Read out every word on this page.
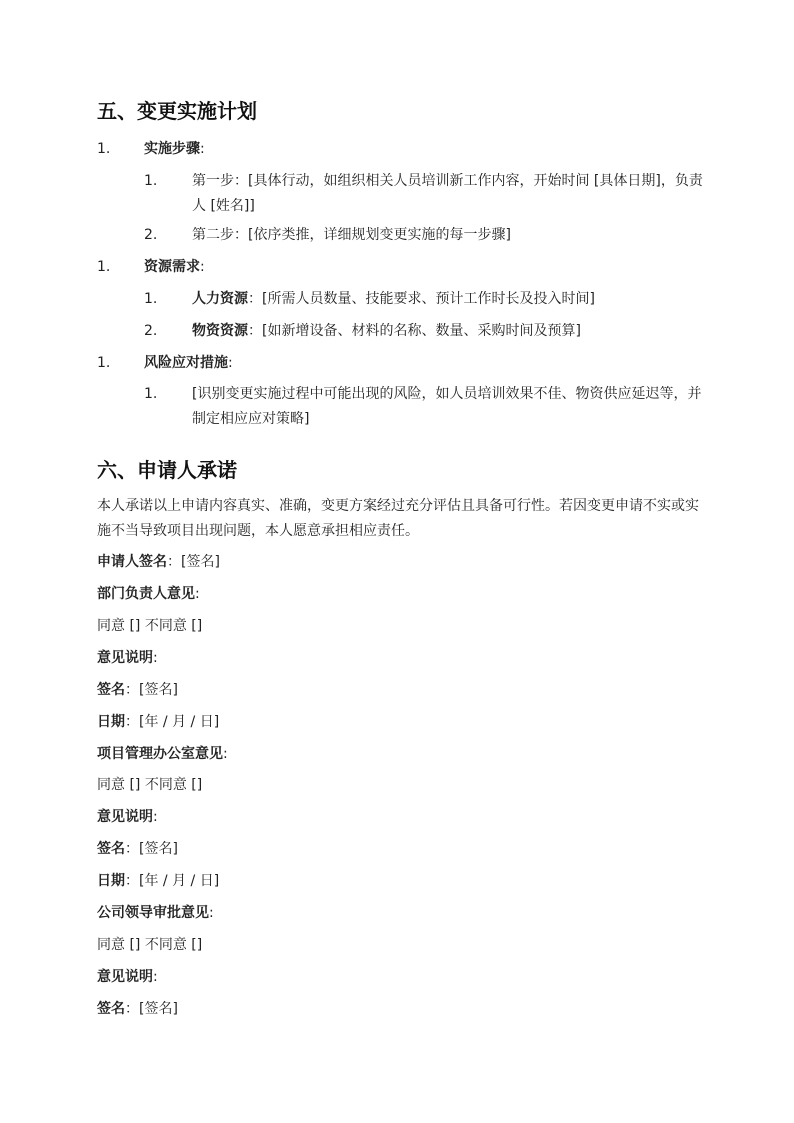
五、变更实施计划
1. 实施步骤:
1. 第一步：[具体行动，如组织相关人员培训新工作内容，开始时间 [具体日期]，负责人 [姓名]]
2. 第二步：[依序类推，详细规划变更实施的每一步骤]
1. 资源需求:
1. 人力资源：[所需人员数量、技能要求、预计工作时长及投入时间]
2. 物资资源：[如新增设备、材料的名称、数量、采购时间及预算]
1. 风险应对措施:
1. [识别变更实施过程中可能出现的风险，如人员培训效果不佳、物资供应延迟等，并制定相应应对策略]
六、申请人承诺
本人承诺以上申请内容真实、准确，变更方案经过充分评估且具备可行性。若因变更申请不实或实施不当导致项目出现问题，本人愿意承担相应责任。
申请人签名：[签名]
部门负责人意见:
同意 [] 不同意 []
意见说明:
签名：[签名]
日期：[年 / 月 / 日]
项目管理办公室意见:
同意 [] 不同意 []
意见说明:
签名：[签名]
日期：[年 / 月 / 日]
公司领导审批意见:
同意 [] 不同意 []
意见说明:
签名：[签名]
